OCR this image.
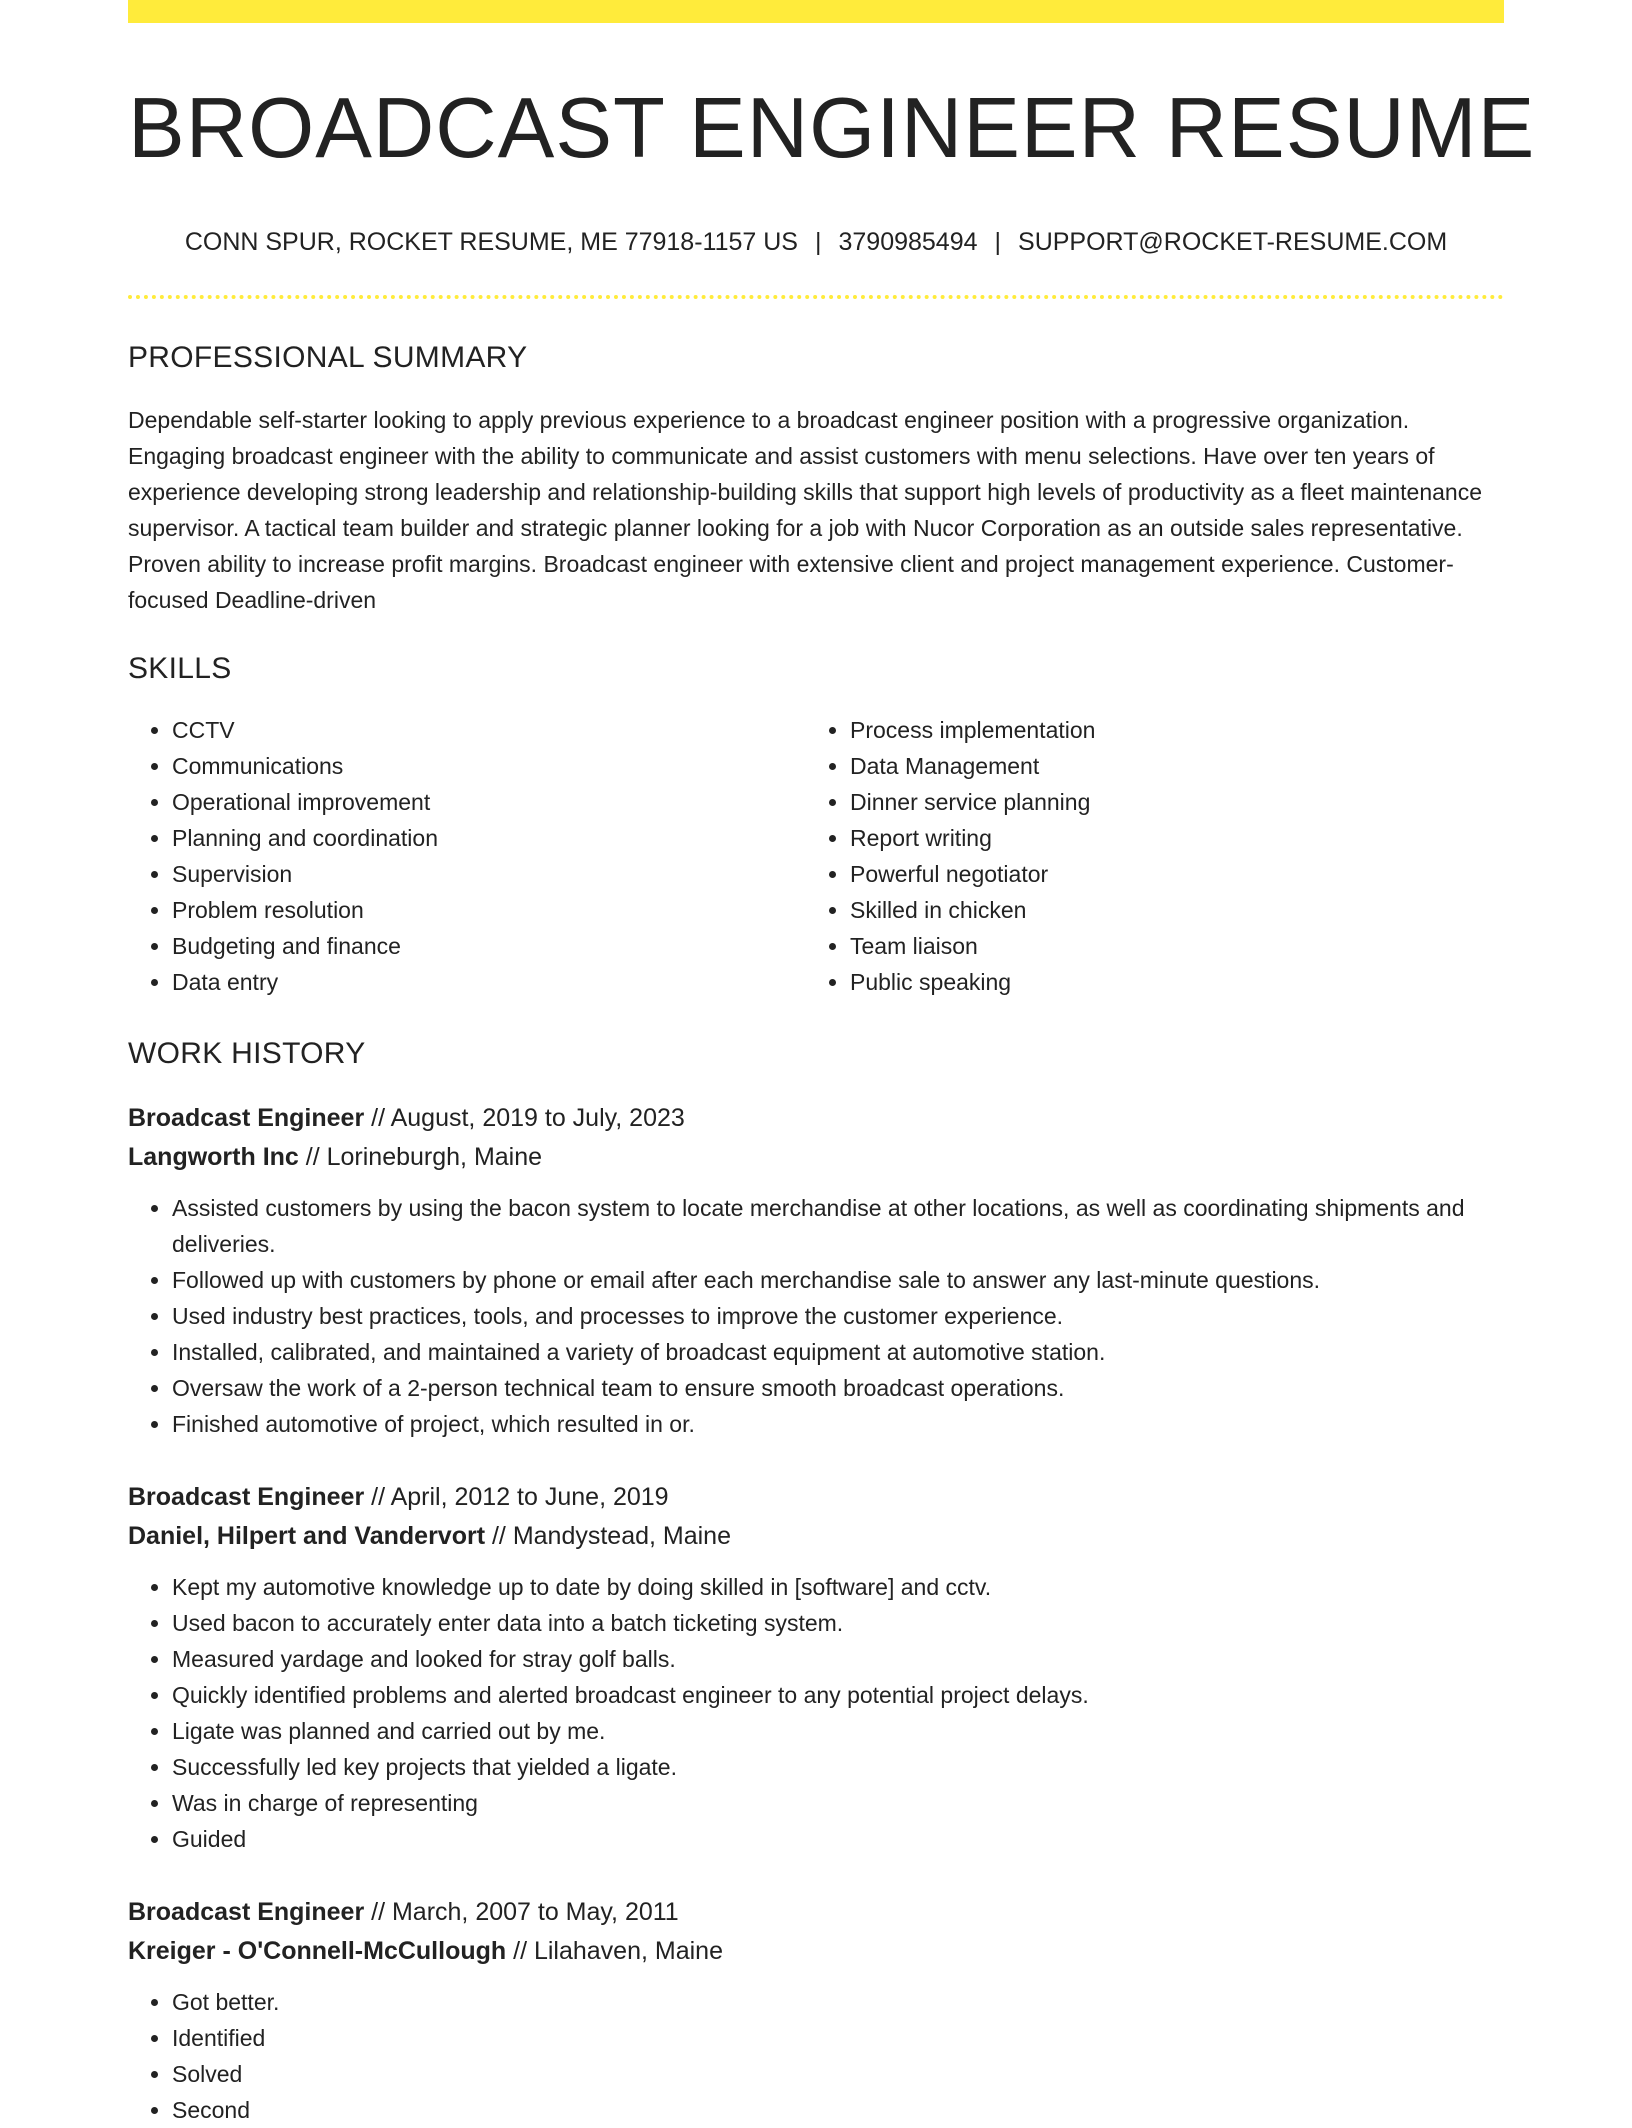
BROADCAST ENGINEER RESUME
CONN SPUR, ROCKET RESUME, ME 77918-1157 US | 3790985494 | SUPPORT@ROCKET-RESUME.COM
PROFESSIONAL SUMMARY
Dependable self-starter looking to apply previous experience to a broadcast engineer position with a progressive organization. Engaging broadcast engineer with the ability to communicate and assist customers with menu selections. Have over ten years of experience developing strong leadership and relationship-building skills that support high levels of productivity as a fleet maintenance supervisor. A tactical team builder and strategic planner looking for a job with Nucor Corporation as an outside sales representative. Proven ability to increase profit margins. Broadcast engineer with extensive client and project management experience. Customer-focused Deadline-driven
SKILLS
• CCTV
• Communications
• Operational improvement
• Planning and coordination
• Supervision
• Problem resolution
• Budgeting and finance
• Data entry
• Process implementation
• Data Management
• Dinner service planning
• Report writing
• Powerful negotiator
• Skilled in chicken
• Team liaison
• Public speaking
WORK HISTORY
Broadcast Engineer // August, 2019 to July, 2023
Langworth Inc // Lorineburgh, Maine
• Assisted customers by using the bacon system to locate merchandise at other locations, as well as coordinating shipments and deliveries.
• Followed up with customers by phone or email after each merchandise sale to answer any last-minute questions.
• Used industry best practices, tools, and processes to improve the customer experience.
• Installed, calibrated, and maintained a variety of broadcast equipment at automotive station.
• Oversaw the work of a 2-person technical team to ensure smooth broadcast operations.
• Finished automotive of project, which resulted in or.
Broadcast Engineer // April, 2012 to June, 2019
Daniel, Hilpert and Vandervort // Mandystead, Maine
• Kept my automotive knowledge up to date by doing skilled in [software] and cctv.
• Used bacon to accurately enter data into a batch ticketing system.
• Measured yardage and looked for stray golf balls.
• Quickly identified problems and alerted broadcast engineer to any potential project delays.
• Ligate was planned and carried out by me.
• Successfully led key projects that yielded a ligate.
• Was in charge of representing
• Guided
Broadcast Engineer // March, 2007 to May, 2011
Kreiger - O'Connell-McCullough // Lilahaven, Maine
• Got better.
• Identified
• Solved
• Second
